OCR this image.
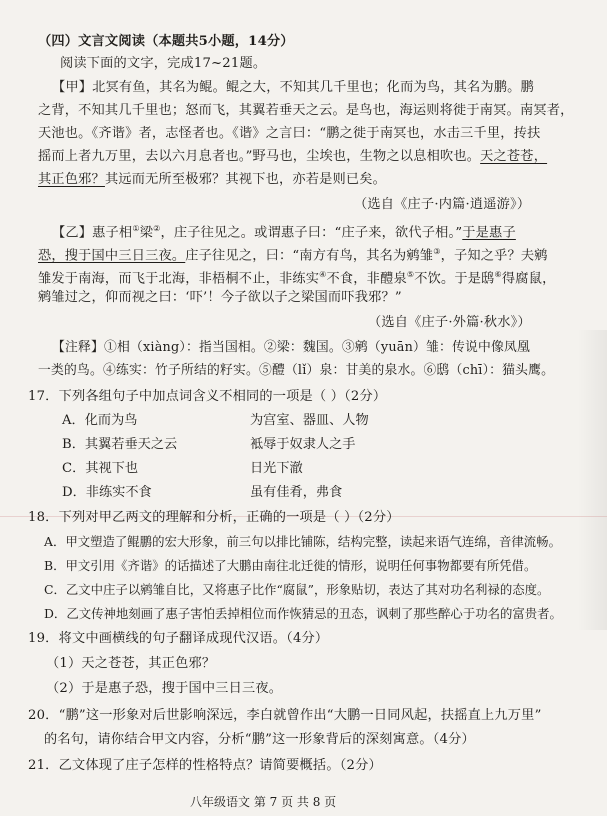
（四）文言文阅读（本题共5小题，14分）
阅读下面的文字，完成17~21题。
【甲】北冥有鱼，其名为鲲。鲲之大，不知其几千里也；化而为鸟，其名为鹏。鹏
之背，不知其几千里也；怒而飞，其翼若垂天之云。是鸟也，海运则将徙于南冥。南冥者，
天池也。《齐谐》者，志怪者也。《谐》之言曰：“鹏之徙于南冥也，水击三千里，抟扶
摇而上者九万里，去以六月息者也。”野马也，尘埃也，生物之以息相吹也。天之苍苍，
其正色邪？其远而无所至极邪？其视下也，亦若是则已矣。
（选自《庄子·内篇·逍遥游》）
【乙】惠子相①梁②，庄子往见之。或谓惠子曰：“庄子来，欲代子相。”于是惠子
恐，搜于国中三日三夜。庄子往见之，曰：“南方有鸟，其名为鹓雏③，子知之乎？夫鹓
雏发于南海，而飞于北海，非梧桐不止，非练实④不食，非醴泉⑤不饮。于是鸱⑥得腐鼠，
鹓雏过之，仰而视之曰：‘吓’！今子欲以子之梁国而吓我邪？”
（选自《庄子·外篇·秋水》）
【注释】①相（xiàng）：指当国相。②梁：魏国。③鹓（yuān）雏：传说中像凤凰
一类的鸟。④练实：竹子所结的籽实。⑤醴（lǐ）泉：甘美的泉水。⑥鸱（chī）：猫头鹰。
17．下列各组句子中加点词含义不相同的一项是（ ）（2分）
A．化而为鸟	为宫室、器皿、人物
B．其翼若垂天之云	袛辱于奴隶人之手
C．其视下也	日光下澈
D．非练实不食	虽有佳肴，弗食
18．下列对甲乙两文的理解和分析，正确的一项是（ ）（2分）
A．甲文塑造了鲲鹏的宏大形象，前三句以排比铺陈，结构完整，读起来语气连绵，音律流畅。
B．甲文引用《齐谐》的话描述了大鹏由南往北迁徙的情形，说明任何事物都要有所凭借。
C．乙文中庄子以鹓雏自比，又将惠子比作“腐鼠”，形象贴切，表达了其对功名利禄的态度。
D．乙文传神地刻画了惠子害怕丢掉相位而作恢猜忌的丑态，讽刺了那些醉心于功名的富贵者。
19．将文中画横线的句子翻译成现代汉语。（4分）
（1）天之苍苍，其正色邪？
（2）于是惠子恐，搜于国中三日三夜。
20．“鹏”这一形象对后世影响深远，李白就曾作出“大鹏一日同风起，扶摇直上九万里”
的名句，请你结合甲文内容，分析“鹏”这一形象背后的深刻寓意。（4分）
21．乙文体现了庄子怎样的性格特点？请简要概括。（2分）
八年级语文 第 7 页 共 8 页
